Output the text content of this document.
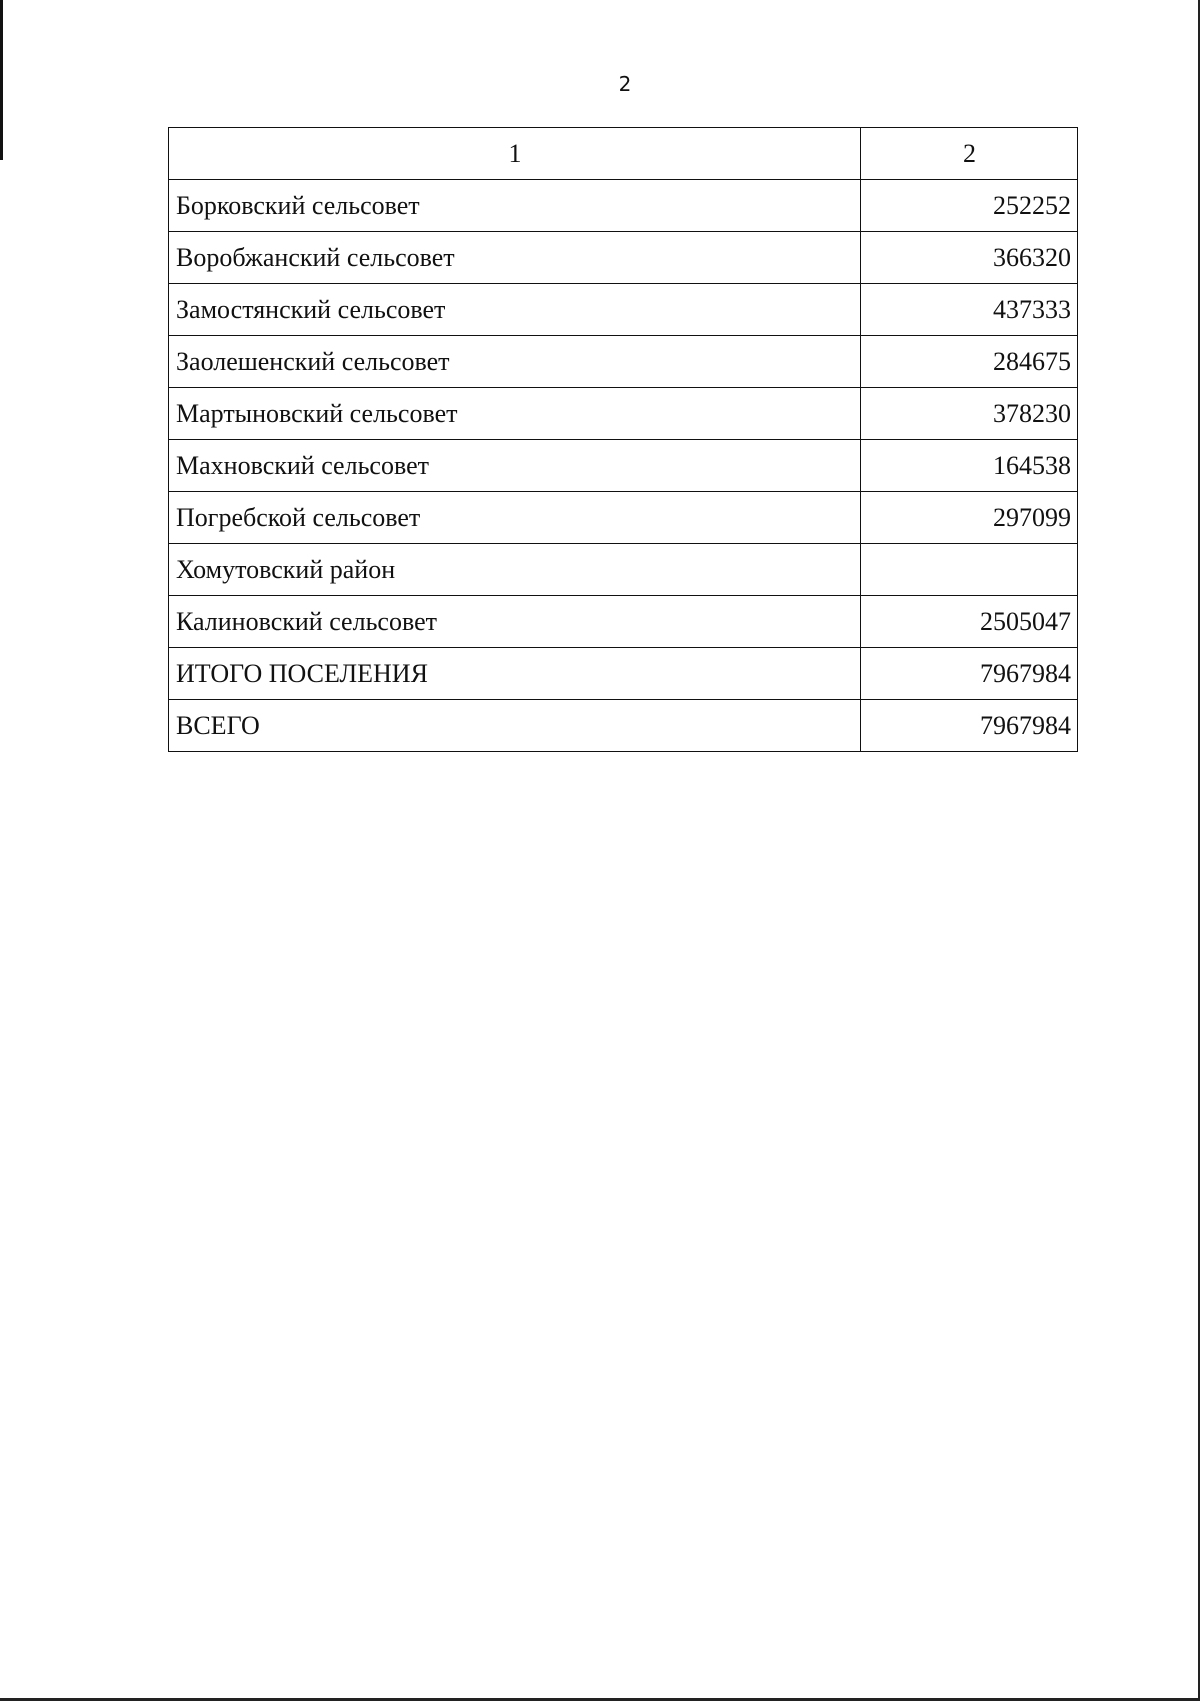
2
1	2
Борковский сельсовет	252252
Воробжанский сельсовет	366320
Замостянский сельсовет	437333
Заолешенский сельсовет	284675
Мартыновский сельсовет	378230
Махновский сельсовет	164538
Погребской сельсовет	297099
Хомутовский район	
Калиновский сельсовет	2505047
ИТОГО ПОСЕЛЕНИЯ	7967984
ВСЕГО	7967984
